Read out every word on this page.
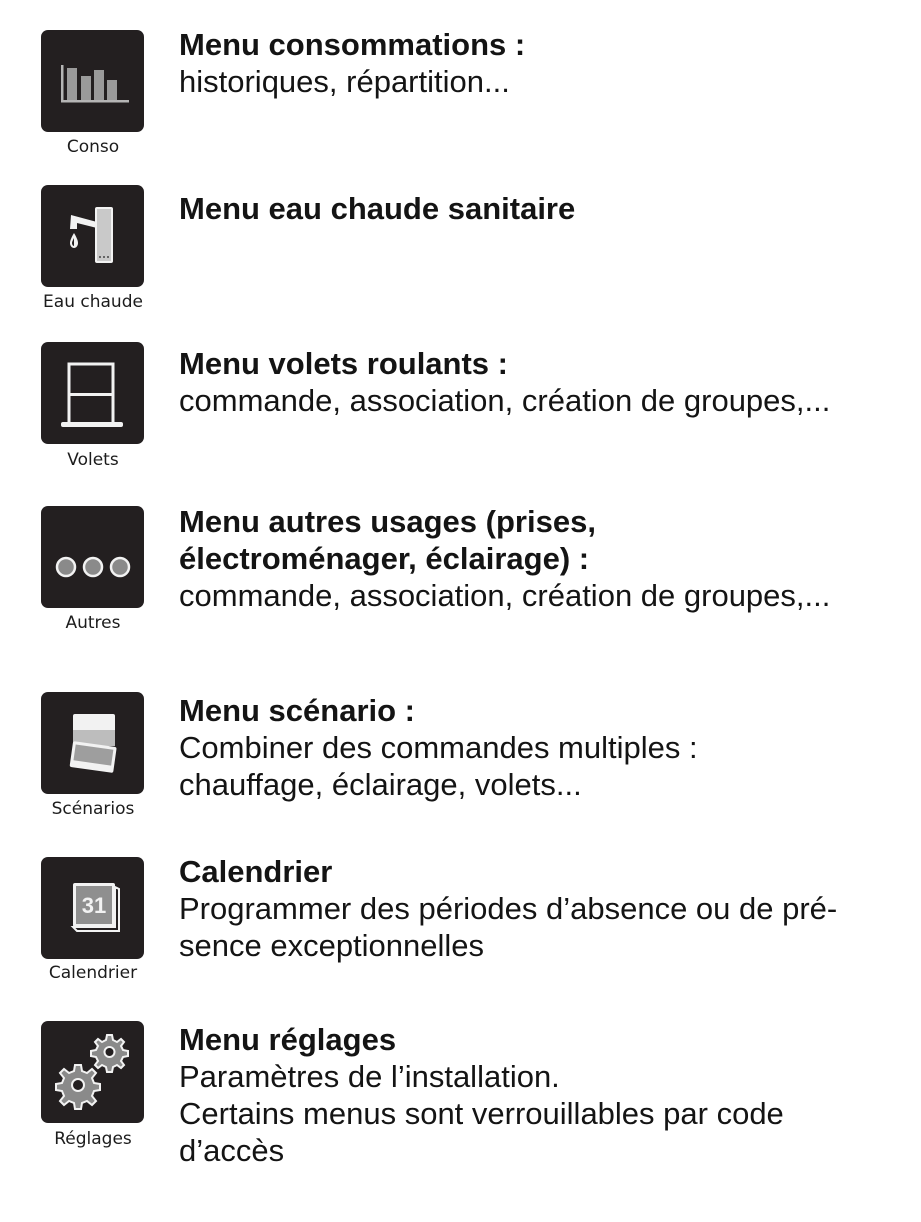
Conso

Menu consommations :

historiques, répartition...

Eau chaude

Menu eau chaude sanitaire

Volets

Menu volets roulants :

commande, association, création de groupes,...

Autres

Menu autres usages (prises,

électroménager, éclairage) :

commande, association, création de groupes,...

Scénarios

Menu scénario :

Combiner des commandes multiples :

chauffage, éclairage, volets...

31
Calendrier

Calendrier

Programmer des périodes d’absence ou de pré-

sence exceptionnelles

Réglages

Menu réglages

Paramètres de l’installation.

Certains menus sont verrouillables par code

d’accès
